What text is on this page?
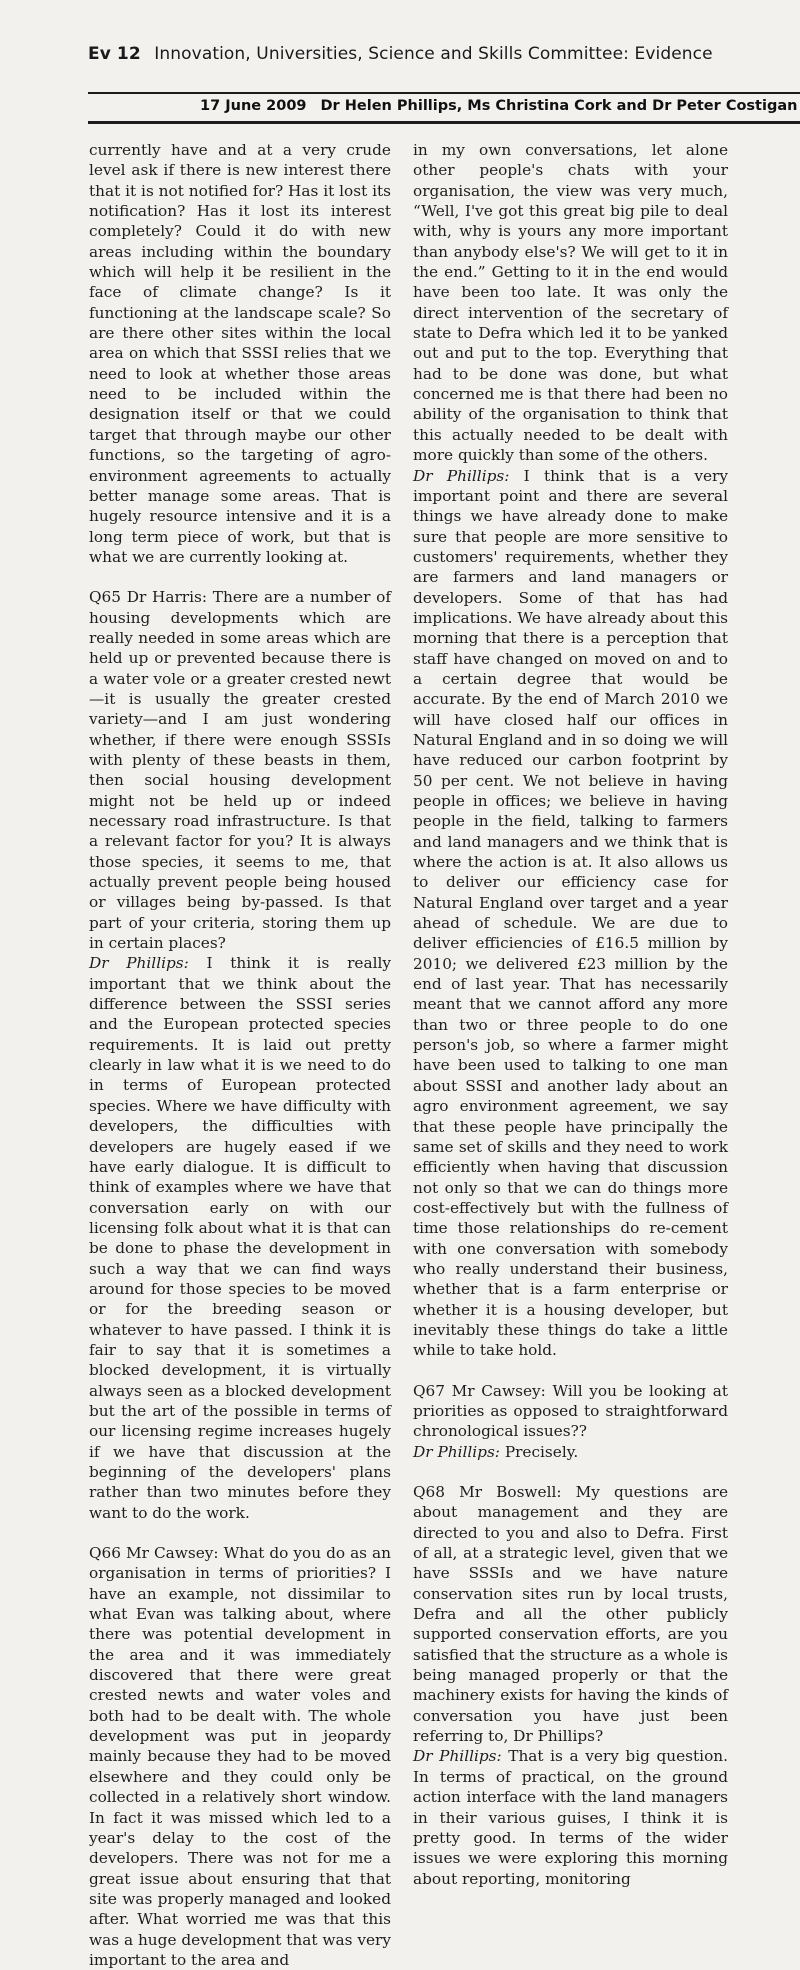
Ev 12 Innovation, Universities, Science and Skills Committee: Evidence
17 June 2009 Dr Helen Phillips, Ms Christina Cork and Dr Peter Costigan

currently have and at a very crude level ask if there is new interest there that it is not notified for? Has it lost its notification? Has it lost its interest completely? Could it do with new areas including within the boundary which will help it be resilient in the face of climate change? Is it functioning at the landscape scale? So are there other sites within the local area on which that SSSI relies that we need to look at whether those areas need to be included within the designation itself or that we could target that through maybe our other functions, so the targeting of agro-environment agreements to actually better manage some areas. That is hugely resource intensive and it is a long term piece of work, but that is what we are currently looking at.

Q65 Dr Harris: There are a number of housing developments which are really needed in some areas which are held up or prevented because there is a water vole or a greater crested newt—it is usually the greater crested variety—and I am just wondering whether, if there were enough SSSIs with plenty of these beasts in them, then social housing development might not be held up or indeed necessary road infrastructure. Is that a relevant factor for you? It is always those species, it seems to me, that actually prevent people being housed or villages being by-passed. Is that part of your criteria, storing them up in certain places?

Dr Phillips: I think it is really important that we think about the difference between the SSSI series and the European protected species requirements. It is laid out pretty clearly in law what it is we need to do in terms of European protected species. Where we have difficulty with developers, the difficulties with developers are hugely eased if we have early dialogue. It is difficult to think of examples where we have that conversation early on with our licensing folk about what it is that can be done to phase the development in such a way that we can find ways around for those species to be moved or for the breeding season or whatever to have passed. I think it is fair to say that it is sometimes a blocked development, it is virtually always seen as a blocked development but the art of the possible in terms of our licensing regime increases hugely if we have that discussion at the beginning of the developers' plans rather than two minutes before they want to do the work.

Q66 Mr Cawsey: What do you do as an organisation in terms of priorities? I have an example, not dissimilar to what Evan was talking about, where there was potential development in the area and it was immediately discovered that there were great crested newts and water voles and both had to be dealt with. The whole development was put in jeopardy mainly because they had to be moved elsewhere and they could only be collected in a relatively short window. In fact it was missed which led to a year's delay to the cost of the developers. There was not for me a great issue about ensuring that that site was properly managed and looked after. What worried me was that this was a huge development that was very important to the area and

in my own conversations, let alone other people's chats with your organisation, the view was very much, “Well, I've got this great big pile to deal with, why is yours any more important than anybody else's? We will get to it in the end.” Getting to it in the end would have been too late. It was only the direct intervention of the secretary of state to Defra which led it to be yanked out and put to the top. Everything that had to be done was done, but what concerned me is that there had been no ability of the organisation to think that this actually needed to be dealt with more quickly than some of the others.

Dr Phillips: I think that is a very important point and there are several things we have already done to make sure that people are more sensitive to customers' requirements, whether they are farmers and land managers or developers. Some of that has had implications. We have already about this morning that there is a perception that staff have changed on moved on and to a certain degree that would be accurate. By the end of March 2010 we will have closed half our offices in Natural England and in so doing we will have reduced our carbon footprint by 50 per cent. We not believe in having people in offices; we believe in having people in the field, talking to farmers and land managers and we think that is where the action is at. It also allows us to deliver our efficiency case for Natural England over target and a year ahead of schedule. We are due to deliver efficiencies of £16.5 million by 2010; we delivered £23 million by the end of last year. That has necessarily meant that we cannot afford any more than two or three people to do one person's job, so where a farmer might have been used to talking to one man about SSSI and another lady about an agro environment agreement, we say that these people have principally the same set of skills and they need to work efficiently when having that discussion not only so that we can do things more cost-effectively but with the fullness of time those relationships do re-cement with one conversation with somebody who really understand their business, whether that is a farm enterprise or whether it is a housing developer, but inevitably these things do take a little while to take hold.

Q67 Mr Cawsey: Will you be looking at priorities as opposed to straightforward chronological issues??

Dr Phillips: Precisely.

Q68 Mr Boswell: My questions are about management and they are directed to you and also to Defra. First of all, at a strategic level, given that we have SSSIs and we have nature conservation sites run by local trusts, Defra and all the other publicly supported conservation efforts, are you satisfied that the structure as a whole is being managed properly or that the machinery exists for having the kinds of conversation you have just been referring to, Dr Phillips?

Dr Phillips: That is a very big question. In terms of practical, on the ground action interface with the land managers in their various guises, I think it is pretty good. In terms of the wider issues we were exploring this morning about reporting, monitoring
